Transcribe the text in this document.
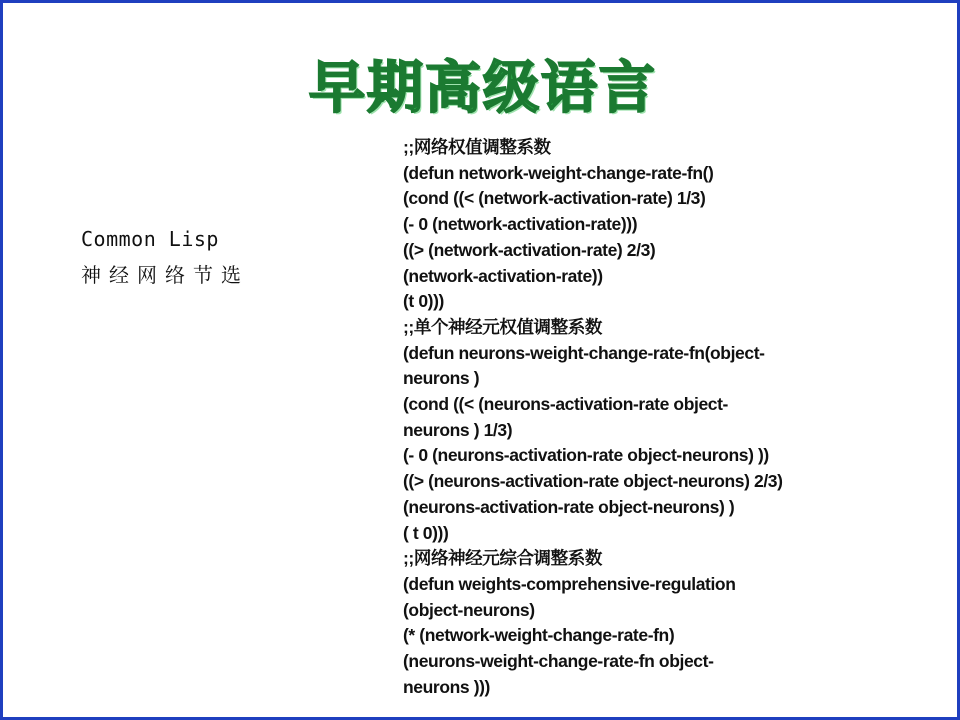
早期高级语言
Common Lisp
神经网络节选
;;网络权值调整系数
(defun network-weight-change-rate-fn()
(cond ((< (network-activation-rate) 1/3)
(- 0 (network-activation-rate)))
((> (network-activation-rate) 2/3)
(network-activation-rate))
(t 0)))
;;单个神经元权值调整系数
(defun neurons-weight-change-rate-fn(object-
neurons )
(cond ((< (neurons-activation-rate object-
neurons ) 1/3)
(- 0 (neurons-activation-rate object-neurons) ))
((> (neurons-activation-rate object-neurons) 2/3)
(neurons-activation-rate object-neurons) )
( t 0)))
;;网络神经元综合调整系数
(defun weights-comprehensive-regulation
(object-neurons)
(* (network-weight-change-rate-fn)
(neurons-weight-change-rate-fn object-
neurons )))
